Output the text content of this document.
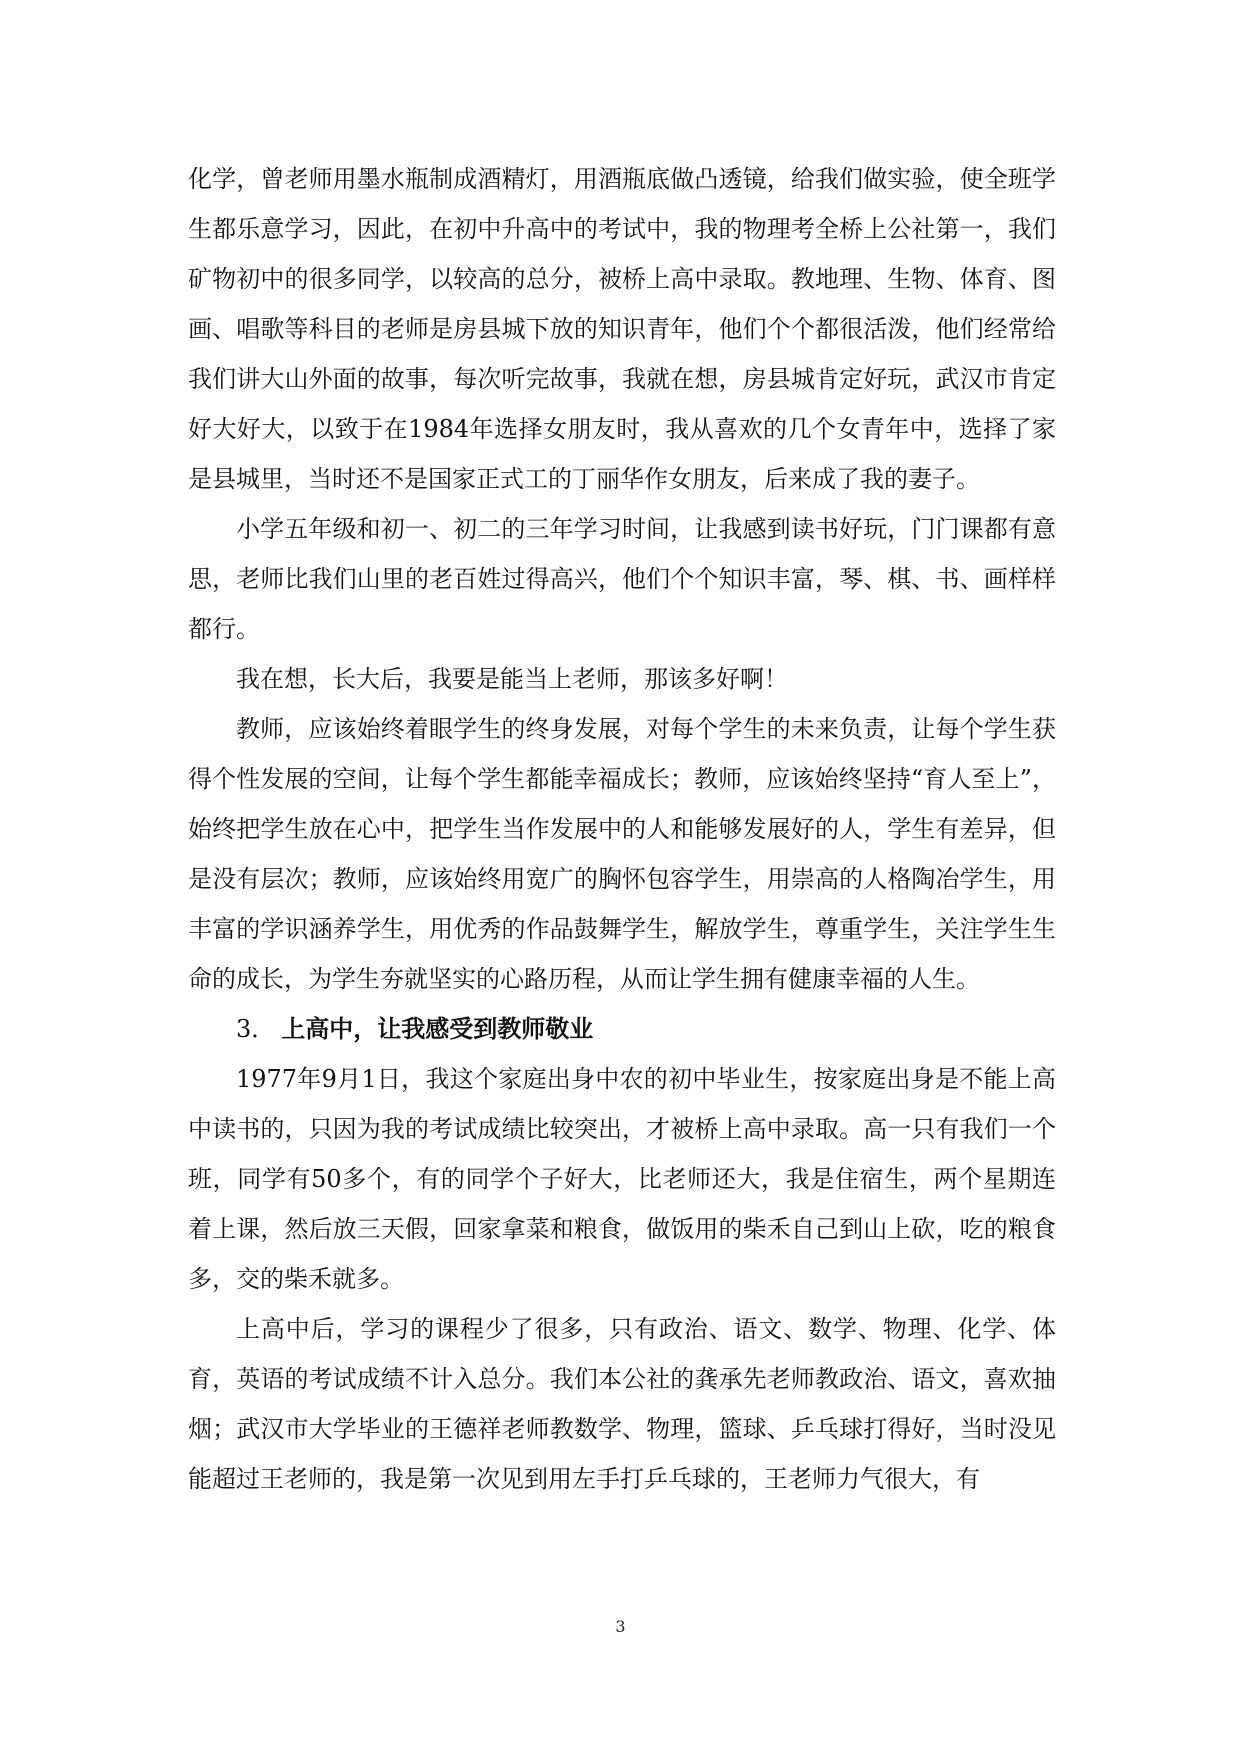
化学，曾老师用墨水瓶制成酒精灯，用酒瓶底做凸透镜，给我们做实验，使全班学生都乐意学习，因此，在初中升高中的考试中，我的物理考全桥上公社第一，我们矿物初中的很多同学，以较高的总分，被桥上高中录取。教地理、生物、体育、图画、唱歌等科目的老师是房县城下放的知识青年，他们个个都很活泼，他们经常给我们讲大山外面的故事，每次听完故事，我就在想，房县城肯定好玩，武汉市肯定好大好大，以致于在1984年选择女朋友时，我从喜欢的几个女青年中，选择了家是县城里，当时还不是国家正式工的丁丽华作女朋友，后来成了我的妻子。

小学五年级和初一、初二的三年学习时间，让我感到读书好玩，门门课都有意思，老师比我们山里的老百姓过得高兴，他们个个知识丰富，琴、棋、书、画样样都行。

我在想，长大后，我要是能当上老师，那该多好啊！

教师，应该始终着眼学生的终身发展，对每个学生的未来负责，让每个学生获得个性发展的空间，让每个学生都能幸福成长；教师，应该始终坚持“育人至上”，始终把学生放在心中，把学生当作发展中的人和能够发展好的人，学生有差异，但是没有层次；教师，应该始终用宽广的胸怀包容学生，用崇高的人格陶冶学生，用丰富的学识涵养学生，用优秀的作品鼓舞学生，解放学生，尊重学生，关注学生生命的成长，为学生夯就坚实的心路历程，从而让学生拥有健康幸福的人生。

3． 上高中，让我感受到教师敬业

1977年9月1日，我这个家庭出身中农的初中毕业生，按家庭出身是不能上高中读书的，只因为我的考试成绩比较突出，才被桥上高中录取。高一只有我们一个班，同学有50多个，有的同学个子好大，比老师还大，我是住宿生，两个星期连着上课，然后放三天假，回家拿菜和粮食，做饭用的柴禾自己到山上砍，吃的粮食多，交的柴禾就多。

上高中后，学习的课程少了很多，只有政治、语文、数学、物理、化学、体育，英语的考试成绩不计入总分。我们本公社的龚承先老师教政治、语文，喜欢抽烟；武汉市大学毕业的王德祥老师教数学、物理，篮球、乒乓球打得好，当时没见能超过王老师的，我是第一次见到用左手打乒乓球的，王老师力气很大，有

3
